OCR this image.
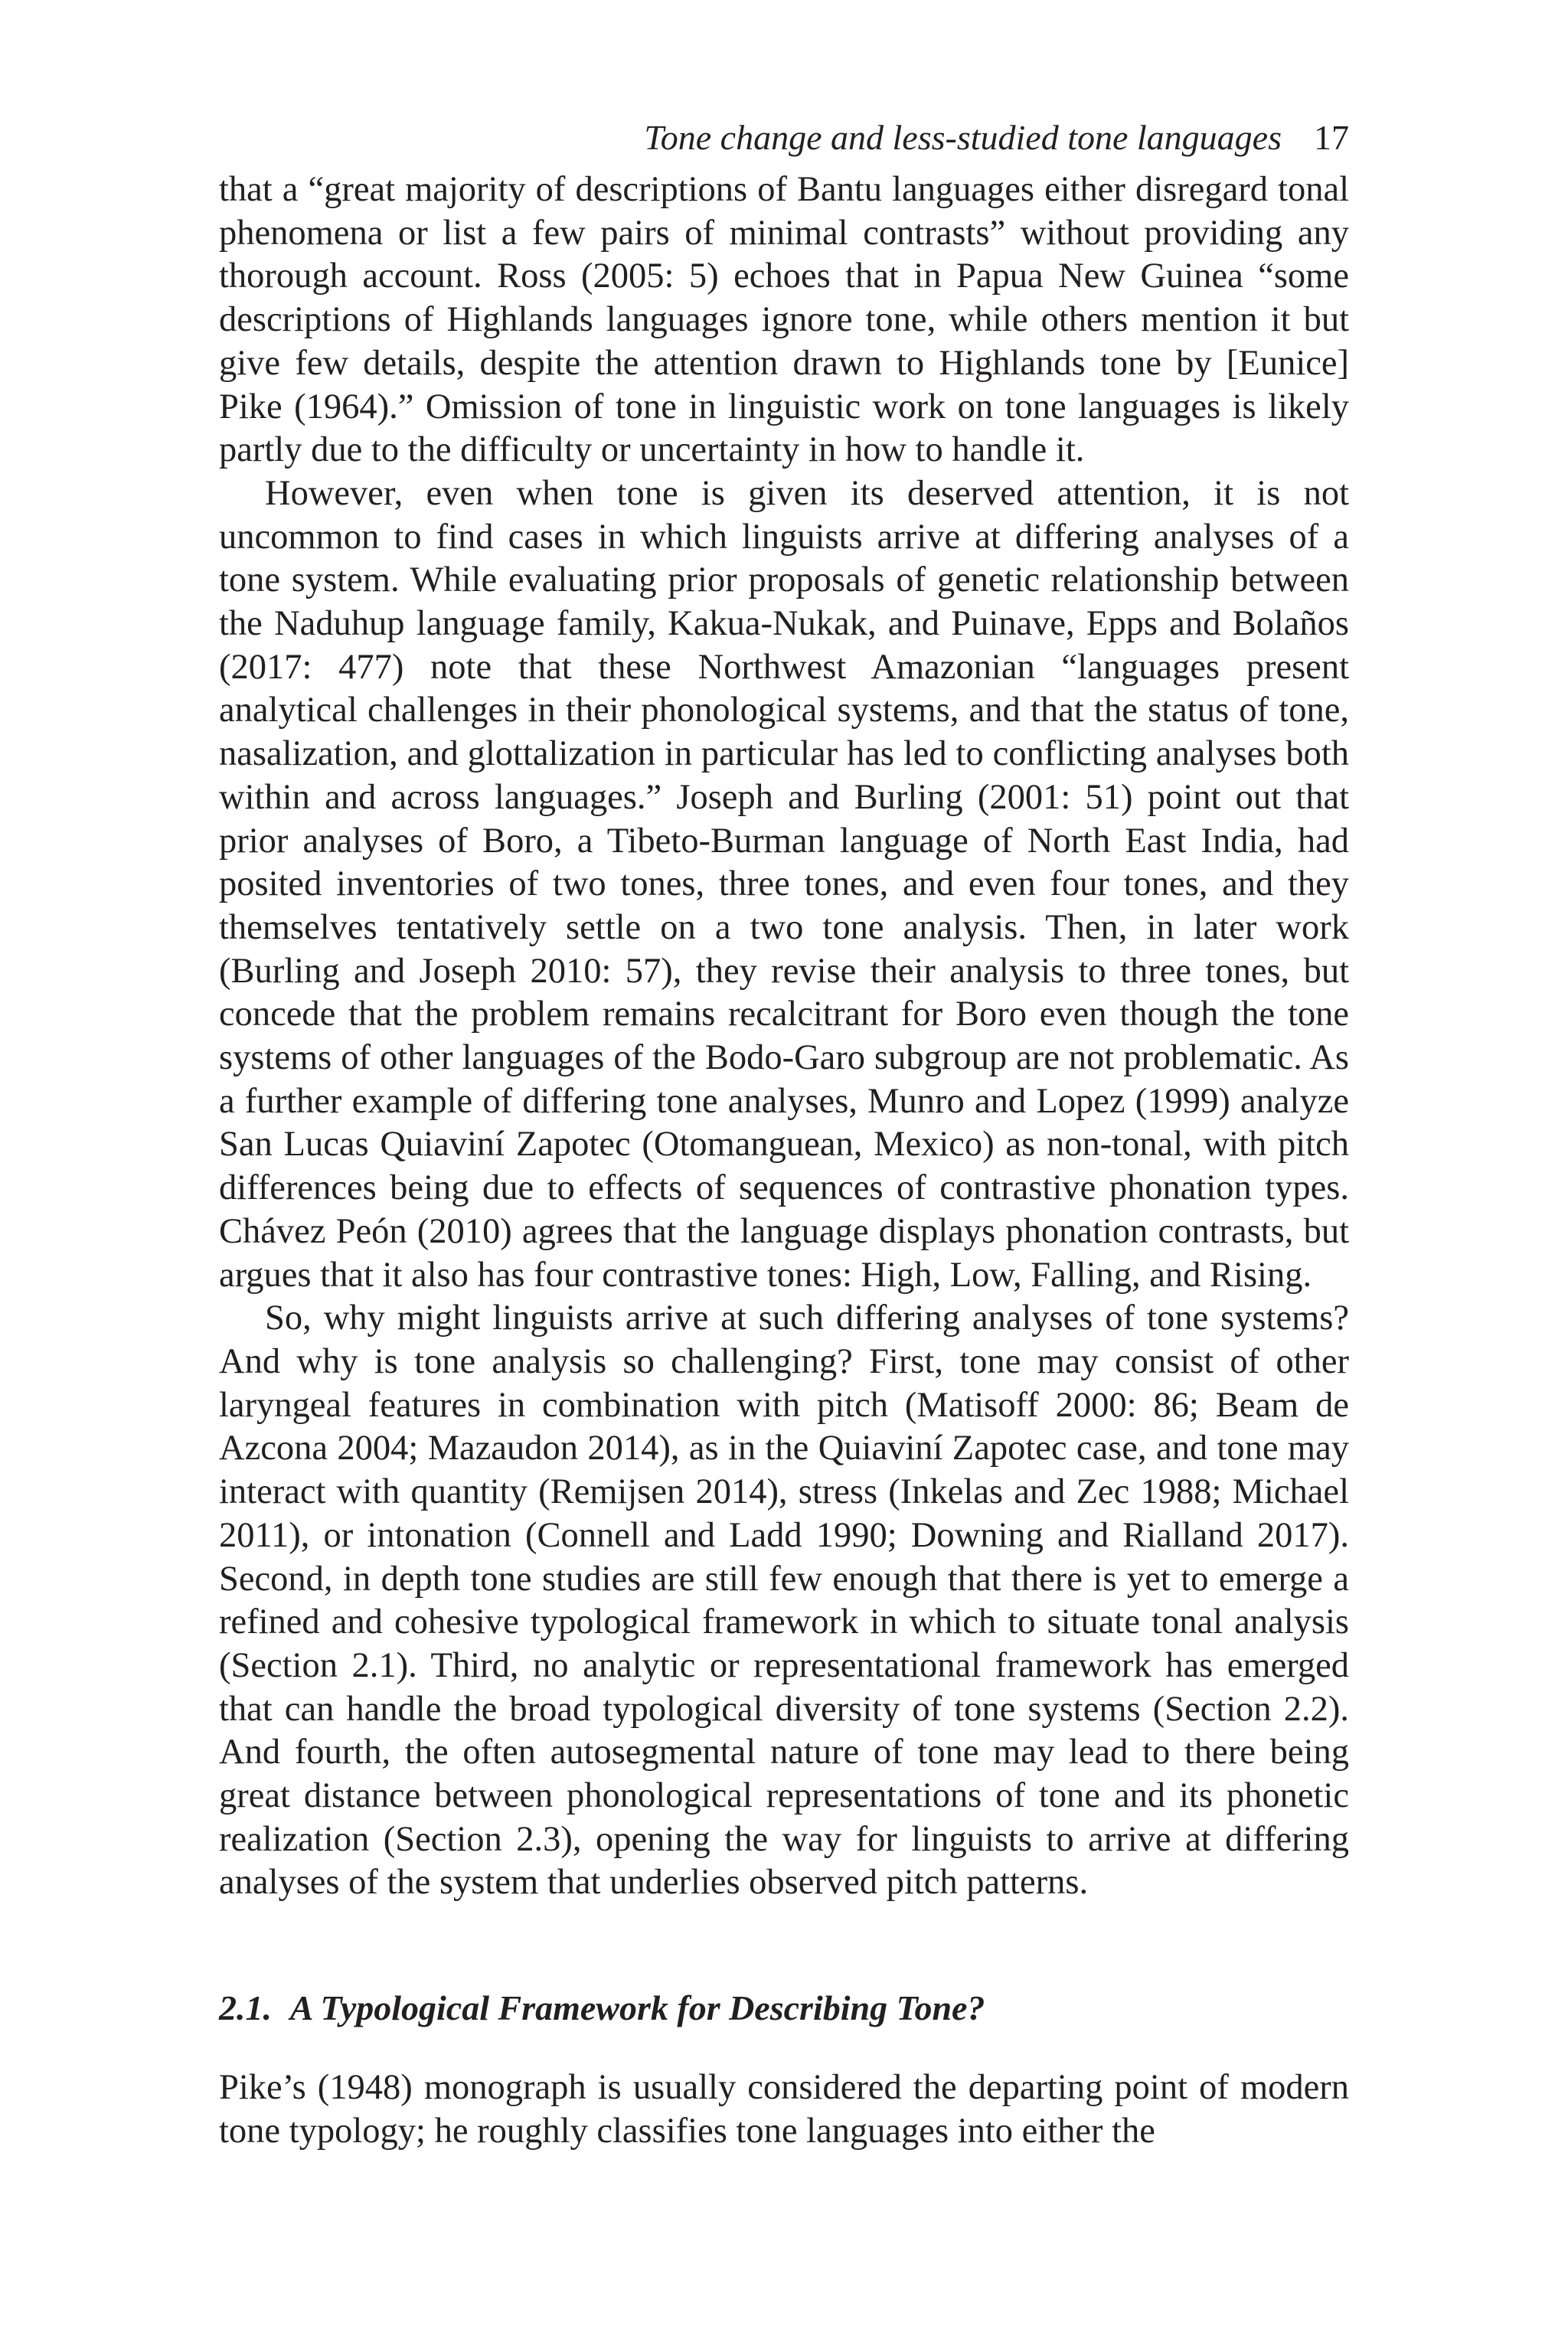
Tone change and less-studied tone languages 17

that a “great majority of descriptions of Bantu languages either disregard tonal phenomena or list a few pairs of minimal contrasts” without providing any thorough account. Ross (2005: 5) echoes that in Papua New Guinea “some descriptions of Highlands languages ignore tone, while others mention it but give few details, despite the attention drawn to Highlands tone by [Eunice] Pike (1964).” Omission of tone in linguistic work on tone languages is likely partly due to the difficulty or uncertainty in how to handle it.

However, even when tone is given its deserved attention, it is not uncommon to find cases in which linguists arrive at differing analyses of a tone system. While evaluating prior proposals of genetic relationship between the Naduhup language family, Kakua-Nukak, and Puinave, Epps and Bolaños (2017: 477) note that these Northwest Amazonian “languages present analytical challenges in their phonological systems, and that the status of tone, nasalization, and glottalization in particular has led to conflicting analyses both within and across languages.” Joseph and Burling (2001: 51) point out that prior analyses of Boro, a Tibeto-Burman language of North East India, had posited inventories of two tones, three tones, and even four tones, and they themselves tentatively settle on a two tone analysis. Then, in later work (Burling and Joseph 2010: 57), they revise their analysis to three tones, but concede that the problem remains recalcitrant for Boro even though the tone systems of other languages of the Bodo-Garo subgroup are not problematic. As a further example of differing tone analyses, Munro and Lopez (1999) analyze San Lucas Quiaviní Zapotec (Otomanguean, Mexico) as non-tonal, with pitch differences being due to effects of sequences of contrastive phonation types. Chávez Peón (2010) agrees that the language displays phonation contrasts, but argues that it also has four contrastive tones: High, Low, Falling, and Rising.

So, why might linguists arrive at such differing analyses of tone systems? And why is tone analysis so challenging? First, tone may consist of other laryngeal features in combination with pitch (Matisoff 2000: 86; Beam de Azcona 2004; Mazaudon 2014), as in the Quiaviní Zapotec case, and tone may interact with quantity (Remijsen 2014), stress (Inkelas and Zec 1988; Michael 2011), or intonation (Connell and Ladd 1990; Downing and Rialland 2017). Second, in depth tone studies are still few enough that there is yet to emerge a refined and cohesive typological framework in which to situate tonal analysis (Section 2.1). Third, no analytic or representational framework has emerged that can handle the broad typological diversity of tone systems (Section 2.2). And fourth, the often autosegmental nature of tone may lead to there being great distance between phonological representations of tone and its phonetic realization (Section 2.3), opening the way for linguists to arrive at differing analyses of the system that underlies observed pitch patterns.

2.1. A Typological Framework for Describing Tone?

Pike’s (1948) monograph is usually considered the departing point of modern tone typology; he roughly classifies tone languages into either the
